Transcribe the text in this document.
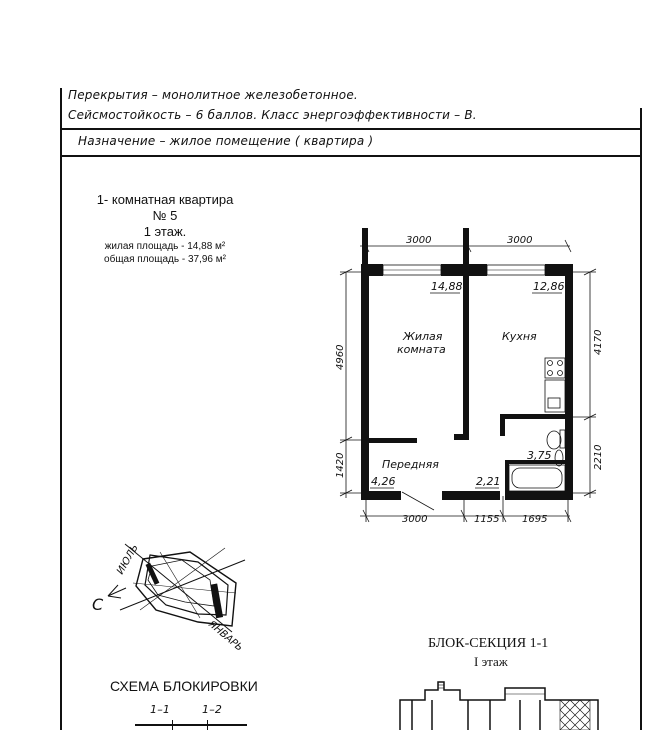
Перекрытия – монолитное железобетонное.
Сейсмостойкость – 6 баллов. Класс энергоэффективности – В.
Назначение – жилое помещение ( квартира )
1- комнатная квартира
№ 5
1 этаж.
жилая площадь - 14,88 м²
общая площадь - 37,96 м²
3000	3000
3000	1155 1695
4960
1420
4170
2210
14,88	12,86
4,26	2,21
3,75
Жилая
комната
Кухня
Передняя
ИЮЛЬ
ЯНВАРЬ
С
СХЕМА БЛОКИРОВКИ
1–1	1–2
БЛОК-СЕКЦИЯ 1-1
I этаж
